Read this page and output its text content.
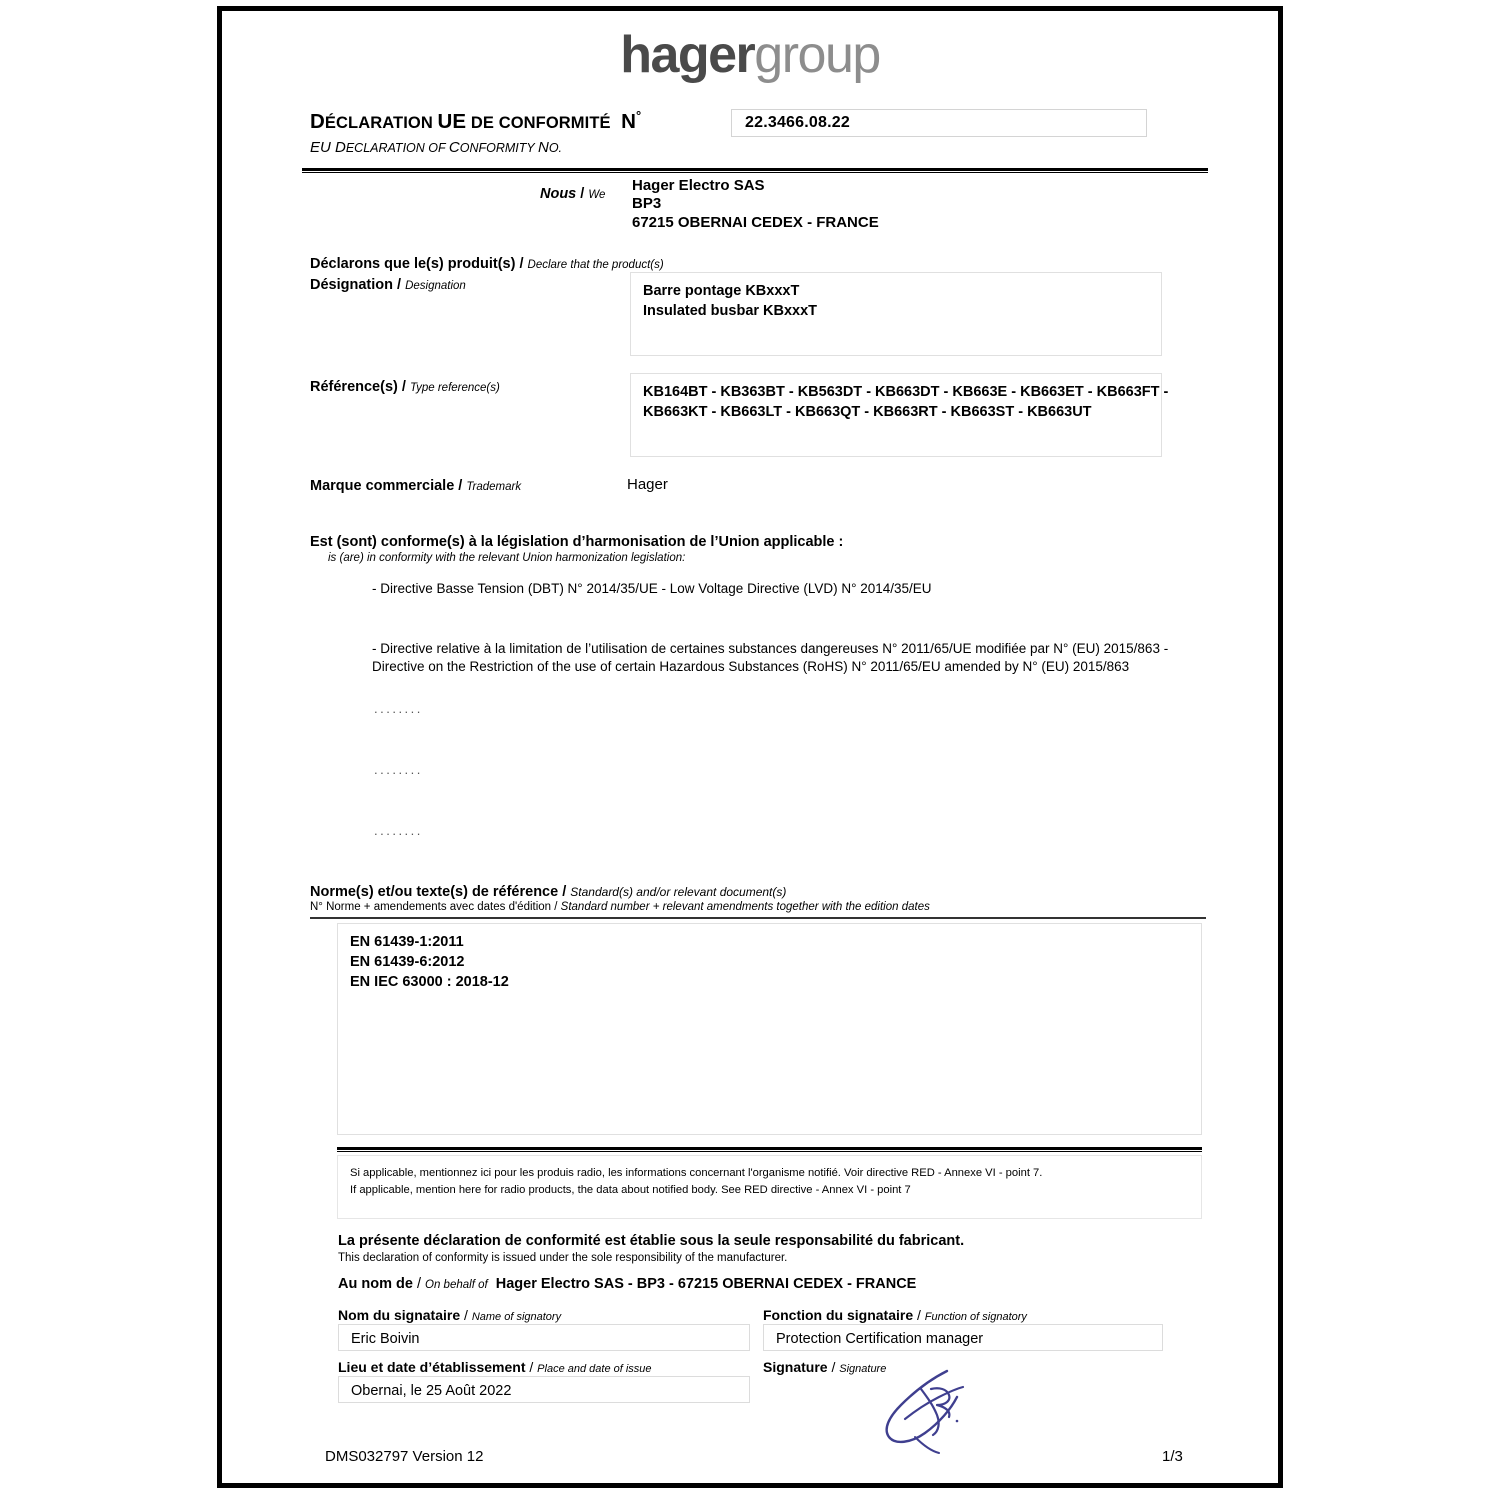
hagergroup
DÉCLARATION UE DE CONFORMITÉ  N°
EU DECLARATION OF CONFORMITY NO.
22.3466.08.22
Nous / We
Hager Electro SAS
BP3
67215 OBERNAI CEDEX - FRANCE
Déclarons que le(s) produit(s) / Declare that the product(s)
Désignation / Designation	Barre pontage KBxxxT
Insulated busbar KBxxxT
Référence(s) / Type reference(s)	KB164BT - KB363BT - KB563DT - KB663DT - KB663E - KB663ET - KB663FT -
KB663KT - KB663LT - KB663QT - KB663RT - KB663ST - KB663UT
Marque commerciale / Trademark	Hager
Est (sont) conforme(s) à la législation d’harmonisation de l’Union applicable :
is (are) in conformity with the relevant Union harmonization legislation:
- Directive Basse Tension (DBT) N° 2014/35/UE - Low Voltage Directive (LVD) N° 2014/35/EU
- Directive relative à la limitation de l’utilisation de certaines substances dangereuses N° 2011/65/UE modifiée par N° (EU) 2015/863 -
Directive on the Restriction of the use of certain Hazardous Substances (RoHS) N° 2011/65/EU amended by N° (EU) 2015/863
........
........
........
Norme(s) et/ou texte(s) de référence / Standard(s) and/or relevant document(s)
N° Norme + amendements avec dates d'édition / Standard number + relevant amendments together with the edition dates
EN 61439-1:2011
EN 61439-6:2012
EN IEC 63000 : 2018-12
Si applicable, mentionnez ici pour les produis radio, les informations concernant l'organisme notifié. Voir directive RED - Annexe VI - point 7.
If applicable, mention here for radio products, the data about notified body. See RED directive - Annex VI - point 7
La présente déclaration de conformité est établie sous la seule responsabilité du fabricant.
This declaration of conformity is issued under the sole responsibility of the manufacturer.
Au nom de / On behalf of Hager Electro SAS - BP3 - 67215 OBERNAI CEDEX - FRANCE
Nom du signataire / Name of signatory
Eric Boivin
Fonction du signataire / Function of signatory
Protection Certification manager
Lieu et date d’établissement / Place and date of issue
Obernai, le 25 Août 2022
Signature / Signature
DMS032797 Version 12	1/3
